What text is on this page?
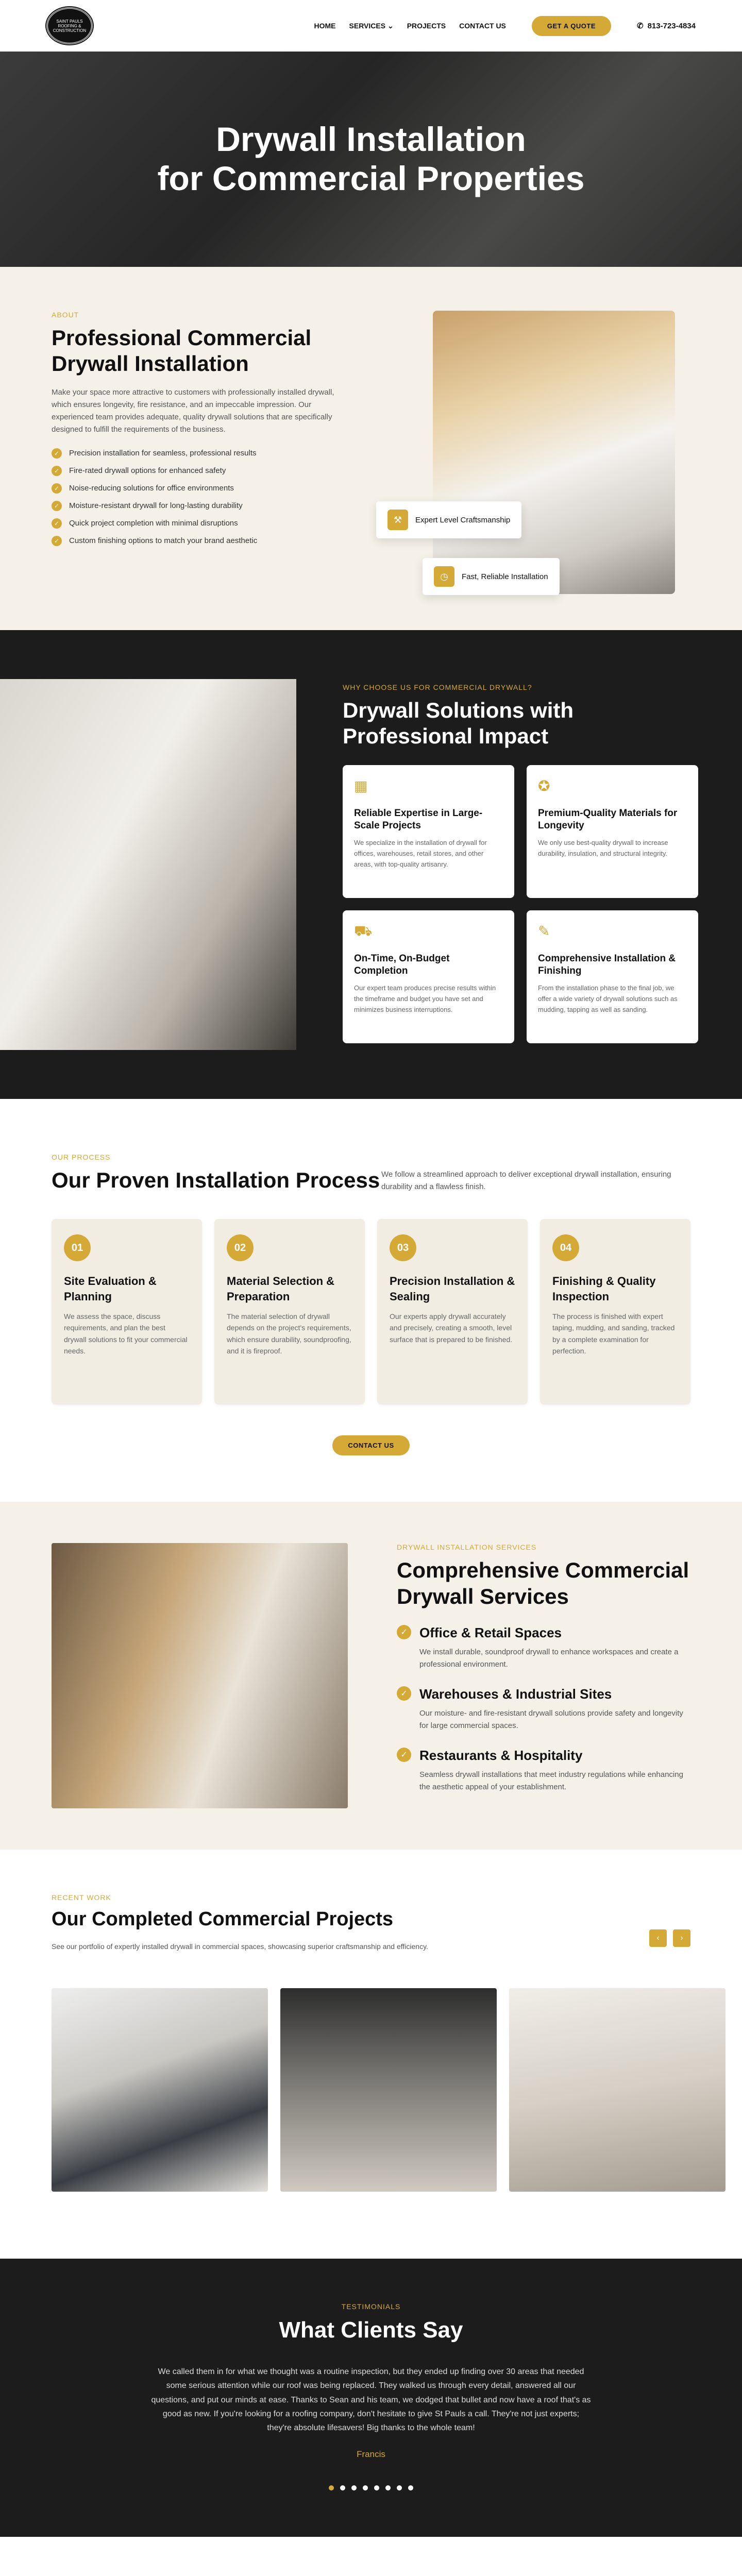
SAINT PAULS ROOFING & CONSTRUCTION
HOME SERVICES ⌄ PROJECTS CONTACT US	GET A QUOTE	✆ 813-723-4834
Drywall Installation
for Commercial Properties
ABOUT
Professional Commercial Drywall Installation

Make your space more attractive to customers with professionally installed drywall, which ensures longevity, fire resistance, and an impeccable impression. Our experienced team provides adequate, quality drywall solutions that are specifically designed to fulfill the requirements of the business.

✓	Precision installation for seamless, professional results
✓	Fire-rated drywall options for enhanced safety
✓	Noise-reducing solutions for office environments
✓	Moisture-resistant drywall for long-lasting durability
✓	Quick project completion with minimal disruptions
✓	Custom finishing options to match your brand aesthetic
⚒	Expert Level Craftsmanship
◷	Fast, Reliable Installation
WHY CHOOSE US FOR COMMERCIAL DRYWALL?
Drywall Solutions with Professional Impact
▦
Reliable Expertise in Large-Scale Projects

We specialize in the installation of drywall for offices, warehouses, retail stores, and other areas, with top-quality artisanry.

✪
Premium-Quality Materials for Longevity

We only use best-quality drywall to increase durability, insulation, and structural integrity.

⛟
On-Time, On-Budget Completion

Our expert team produces precise results within the timeframe and budget you have set and minimizes business interruptions.

✎
Comprehensive Installation & Finishing

From the installation phase to the final job, we offer a wide variety of drywall solutions such as mudding, tapping as well as sanding.

OUR PROCESS
Our Proven Installation Process We follow a streamlined approach to deliver exceptional drywall installation, ensuring durability and a flawless finish.

01
Site Evaluation & Planning

We assess the space, discuss requirements, and plan the best drywall solutions to fit your commercial needs.

02
Material Selection & Preparation

The material selection of drywall depends on the project's requirements, which ensure durability, soundproofing, and it is fireproof.

03
Precision Installation & Sealing

Our experts apply drywall accurately and precisely, creating a smooth, level surface that is prepared to be finished.

04
Finishing & Quality Inspection

The process is finished with expert taping, mudding, and sanding, tracked by a complete examination for perfection.

CONTACT US
DRYWALL INSTALLATION SERVICES
Comprehensive Commercial Drywall Services
✓ Office & Retail Spaces

We install durable, soundproof drywall to enhance workspaces and create a professional environment.

✓ Warehouses & Industrial Sites

Our moisture- and fire-resistant drywall solutions provide safety and longevity for large commercial spaces.

✓ Restaurants & Hospitality

Seamless drywall installations that meet industry regulations while enhancing the aesthetic appeal of your establishment.

RECENT WORK
Our Completed Commercial Projects

See our portfolio of expertly installed drywall in commercial spaces, showcasing superior craftsmanship and efficiency.

‹	›
TESTIMONIALS
What Clients Say

We called them in for what we thought was a routine inspection, but they ended up finding over 30 areas that needed some serious attention while our roof was being replaced. They walked us through every detail, answered all our questions, and put our minds at ease. Thanks to Sean and his team, we dodged that bullet and now have a roof that's as good as new. If you're looking for a roofing company, don't hesitate to give St Pauls a call. They're not just experts; they're absolute lifesavers! Big thanks to the whole team!

Francis
